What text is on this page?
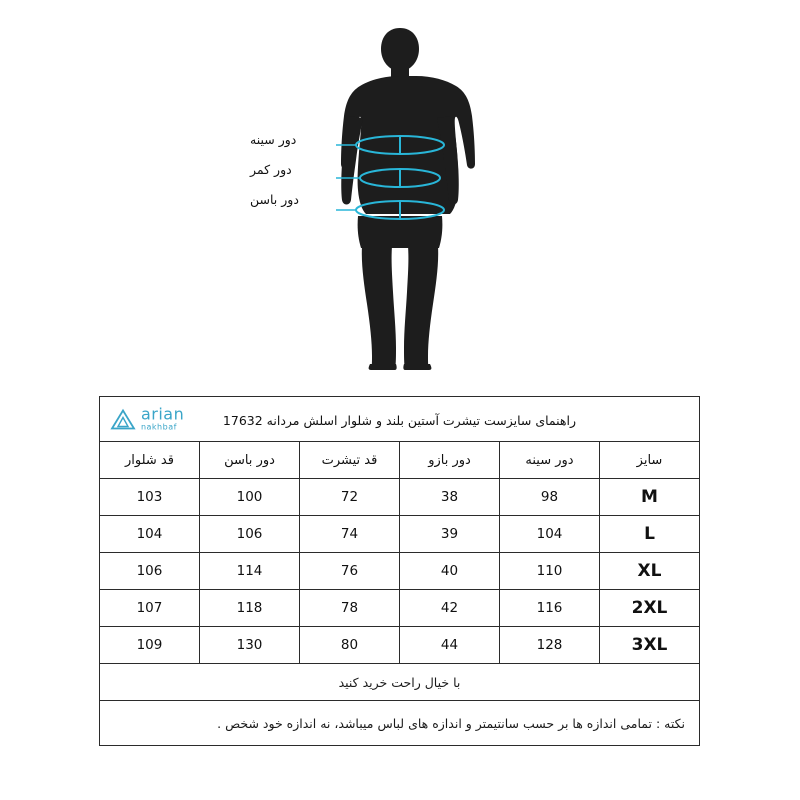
دور سینه
دور کمر
دور باسن
راهنمای سایزست تیشرت آستین بلند و شلوار اسلش مردانه 17632
arian
nakhbaf					

سایز	دور سینه	دور بازو	قد تیشرت	دور باسن	قد شلوار
M	98	38	72	100	103
L	104	39	74	106	104
XL	110	40	76	114	106
2XL	116	42	78	118	107
3XL	128	44	80	130	109
با خیال راحت خرید کنید					
نکته : تمامی اندازه ها بر حسب سانتیمتر و اندازه های لباس میباشد، نه اندازه خود شخص .					
